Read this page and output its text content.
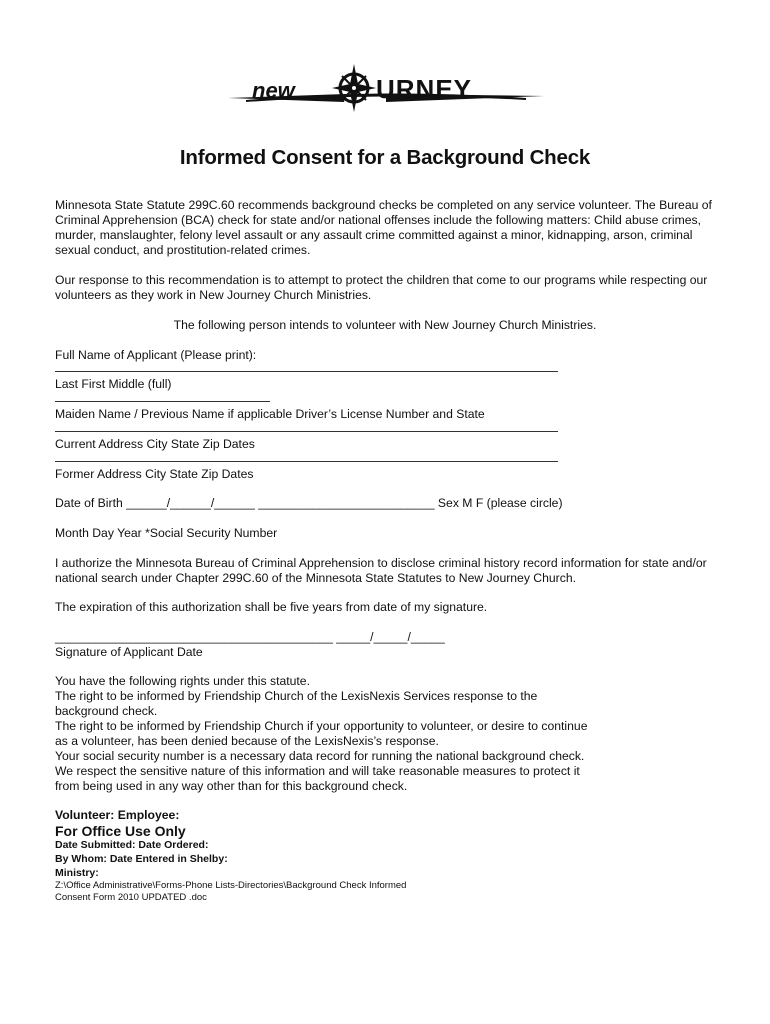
new	URNEY
Informed Consent for a Background Check
Minnesota State Statute 299C.60 recommends background checks be completed on any service volunteer. The Bureau of Criminal Apprehension (BCA) check for state and/or national offenses include the following matters: Child abuse crimes, murder, manslaughter, felony level assault or any assault crime committed against a minor, kidnapping, arson, criminal sexual conduct, and prostitution-related crimes.
Our response to this recommendation is to attempt to protect the children that come to our programs while respecting our volunteers as they work in New Journey Church Ministries.
The following person intends to volunteer with New Journey Church Ministries.
Full Name of Applicant (Please print):
Last First Middle (full)
Maiden Name / Previous Name if applicable Driver’s License Number and State
Current Address City State Zip Dates
Former Address City State Zip Dates
Date of Birth ______/______/______ __________________________ Sex M F (please circle)
Month Day Year *Social Security Number
I authorize the Minnesota Bureau of Criminal Apprehension to disclose criminal history record information for state and/or national search under Chapter 299C.60 of the Minnesota State Statutes to New Journey Church.
The expiration of this authorization shall be five years from date of my signature.
_________________________________________ _____/_____/_____
Signature of Applicant Date
You have the following rights under this statute.
The right to be informed by Friendship Church of the LexisNexis Services response to the
background check.
The right to be informed by Friendship Church if your opportunity to volunteer, or desire to continue
as a volunteer, has been denied because of the LexisNexis’s response.
Your social security number is a necessary data record for running the national background check.
We respect the sensitive nature of this information and will take reasonable measures to protect it
from being used in any way other than for this background check.
Volunteer: Employee:
For Office Use Only
Date Submitted: Date Ordered:
By Whom: Date Entered in Shelby:
Ministry:
Z:\Office Administrative\Forms-Phone Lists-Directories\Background Check Informed
Consent Form 2010 UPDATED .doc
